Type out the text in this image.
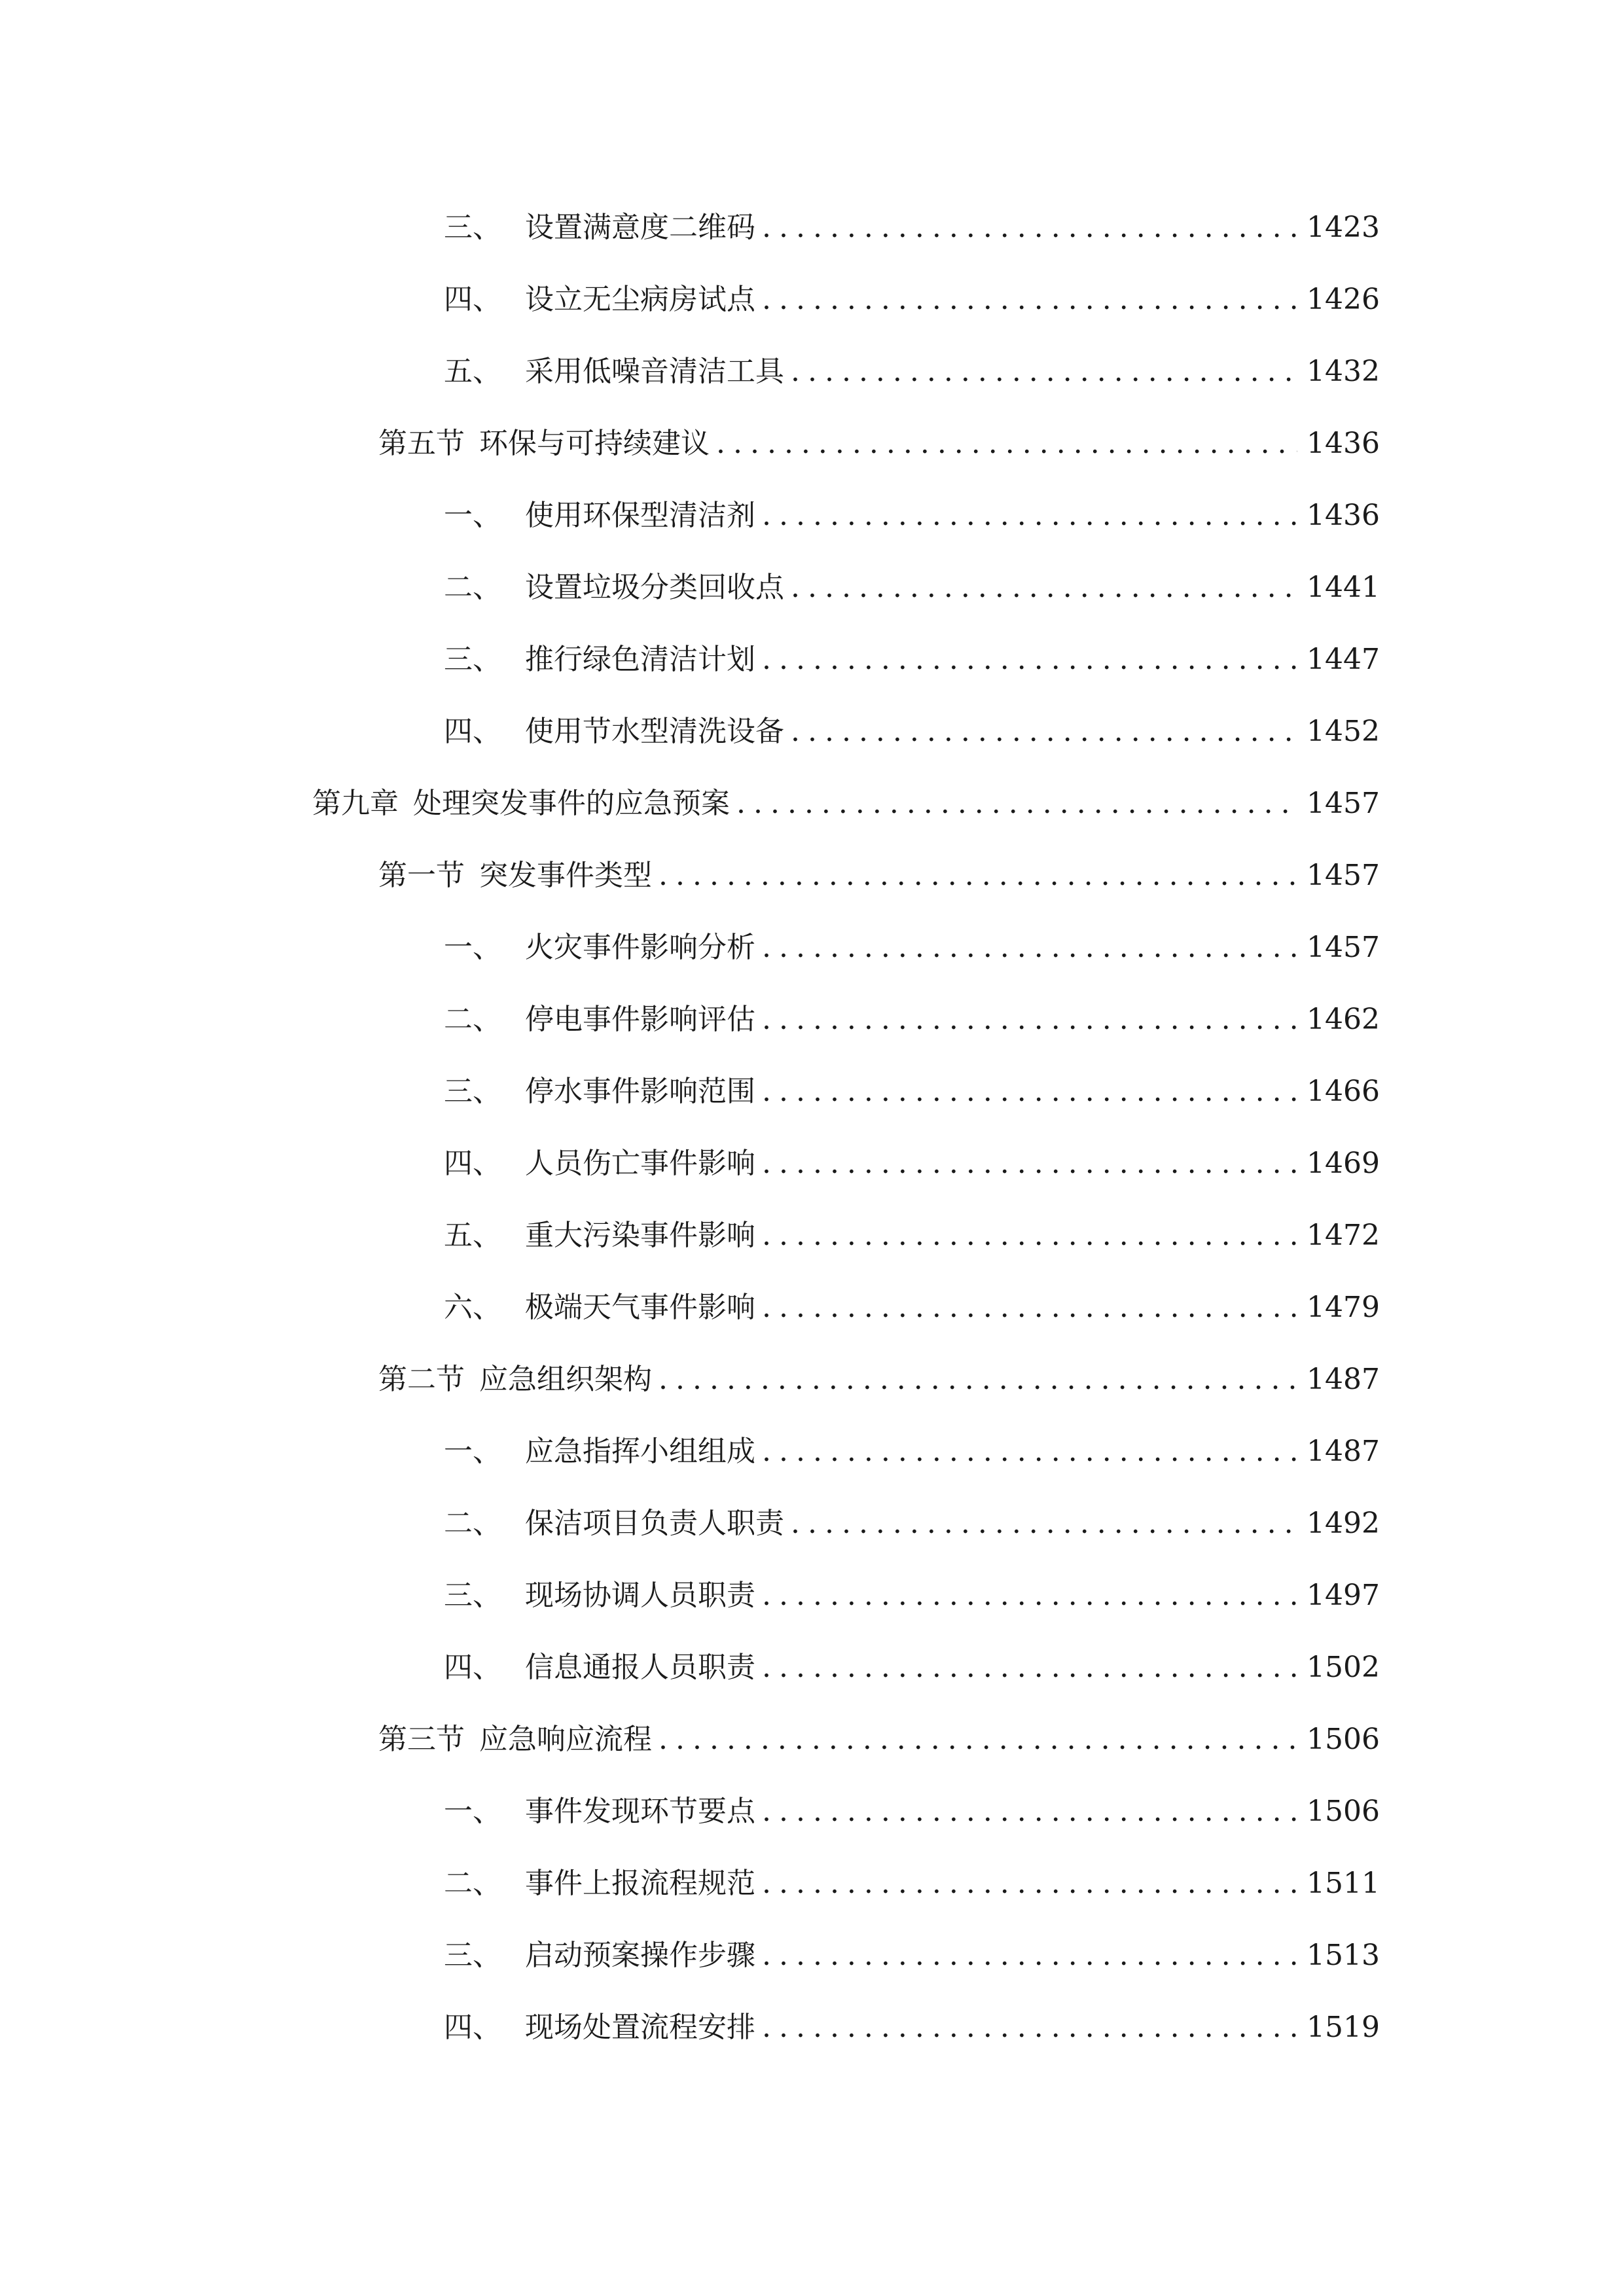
三、 设置满意度二维码 .....	1423
四、 设立无尘病房试点 .....	1426
五、 采用低噪音清洁工具 .....	1432
第五节 环保与可持续建议 .....	1436
一、 使用环保型清洁剂 .....	1436
二、 设置垃圾分类回收点 .....	1441
三、 推行绿色清洁计划 .....	1447
四、 使用节水型清洗设备 .....	1452
第九章 处理突发事件的应急预案 .....	1457
第一节 突发事件类型 .....	1457
一、 火灾事件影响分析 .....	1457
二、 停电事件影响评估 .....	1462
三、 停水事件影响范围 .....	1466
四、 人员伤亡事件影响 .....	1469
五、 重大污染事件影响 .....	1472
六、 极端天气事件影响 .....	1479
第二节 应急组织架构 .....	1487
一、 应急指挥小组组成 .....	1487
二、 保洁项目负责人职责 .....	1492
三、 现场协调人员职责 .....	1497
四、 信息通报人员职责 .....	1502
第三节 应急响应流程 .....	1506
一、 事件发现环节要点 .....	1506
二、 事件上报流程规范 .....	1511
三、 启动预案操作步骤 .....	1513
四、 现场处置流程安排 .....	1519
